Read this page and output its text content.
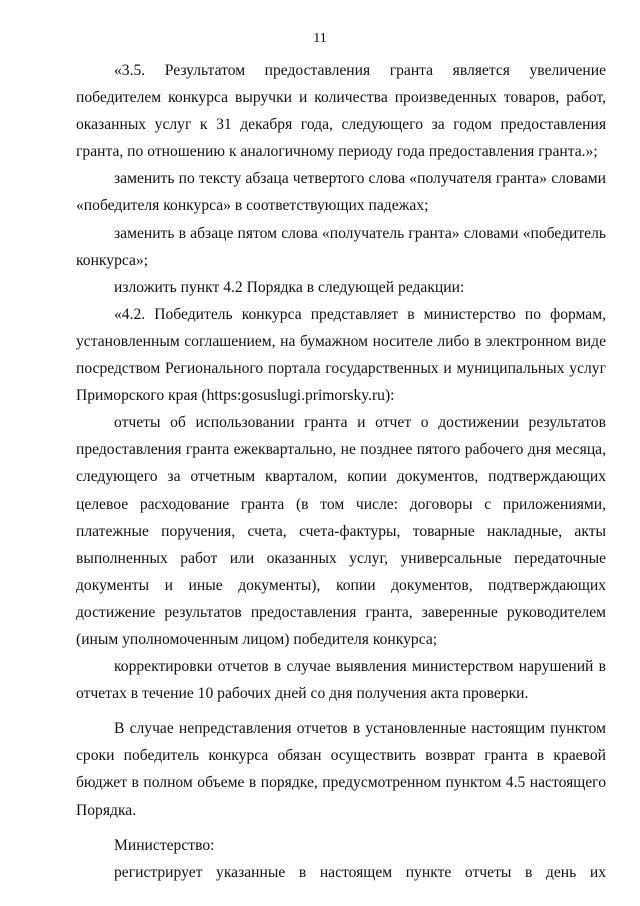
11

«3.5. Результатом предоставления гранта является увеличение победителем конкурса выручки и количества произведенных товаров, работ, оказанных услуг к 31 декабря года, следующего за годом предоставления гранта, по отношению к аналогичному периоду года предоставления гранта.»;

заменить по тексту абзаца четвертого слова «получателя гранта» словами «победителя конкурса» в соответствующих падежах;

заменить в абзаце пятом слова «получатель гранта» словами «победитель конкурса»;

изложить пункт 4.2 Порядка в следующей редакции:

«4.2. Победитель конкурса представляет в министерство по формам, установленным соглашением, на бумажном носителе либо в электронном виде посредством Регионального портала государственных и муниципальных услуг Приморского края (https:gosuslugi.primorsky.ru):

отчеты об использовании гранта и отчет о достижении результатов предоставления гранта ежеквартально, не позднее пятого рабочего дня месяца, следующего за отчетным кварталом, копии документов, подтверждающих целевое расходование гранта (в том числе: договоры с приложениями, платежные поручения, счета, счета-фактуры, товарные накладные, акты выполненных работ или оказанных услуг, универсальные передаточные документы и иные документы), копии документов, подтверждающих достижение результатов предоставления гранта, заверенные руководителем (иным уполномоченным лицом) победителя конкурса;

корректировки отчетов в случае выявления министерством нарушений в отчетах в течение 10 рабочих дней со дня получения акта проверки.

В случае непредставления отчетов в установленные настоящим пунктом сроки победитель конкурса обязан осуществить возврат гранта в краевой бюджет в полном объеме в порядке, предусмотренном пунктом 4.5 настоящего Порядка.

Министерство:

регистрирует указанные в настоящем пункте отчеты в день их
